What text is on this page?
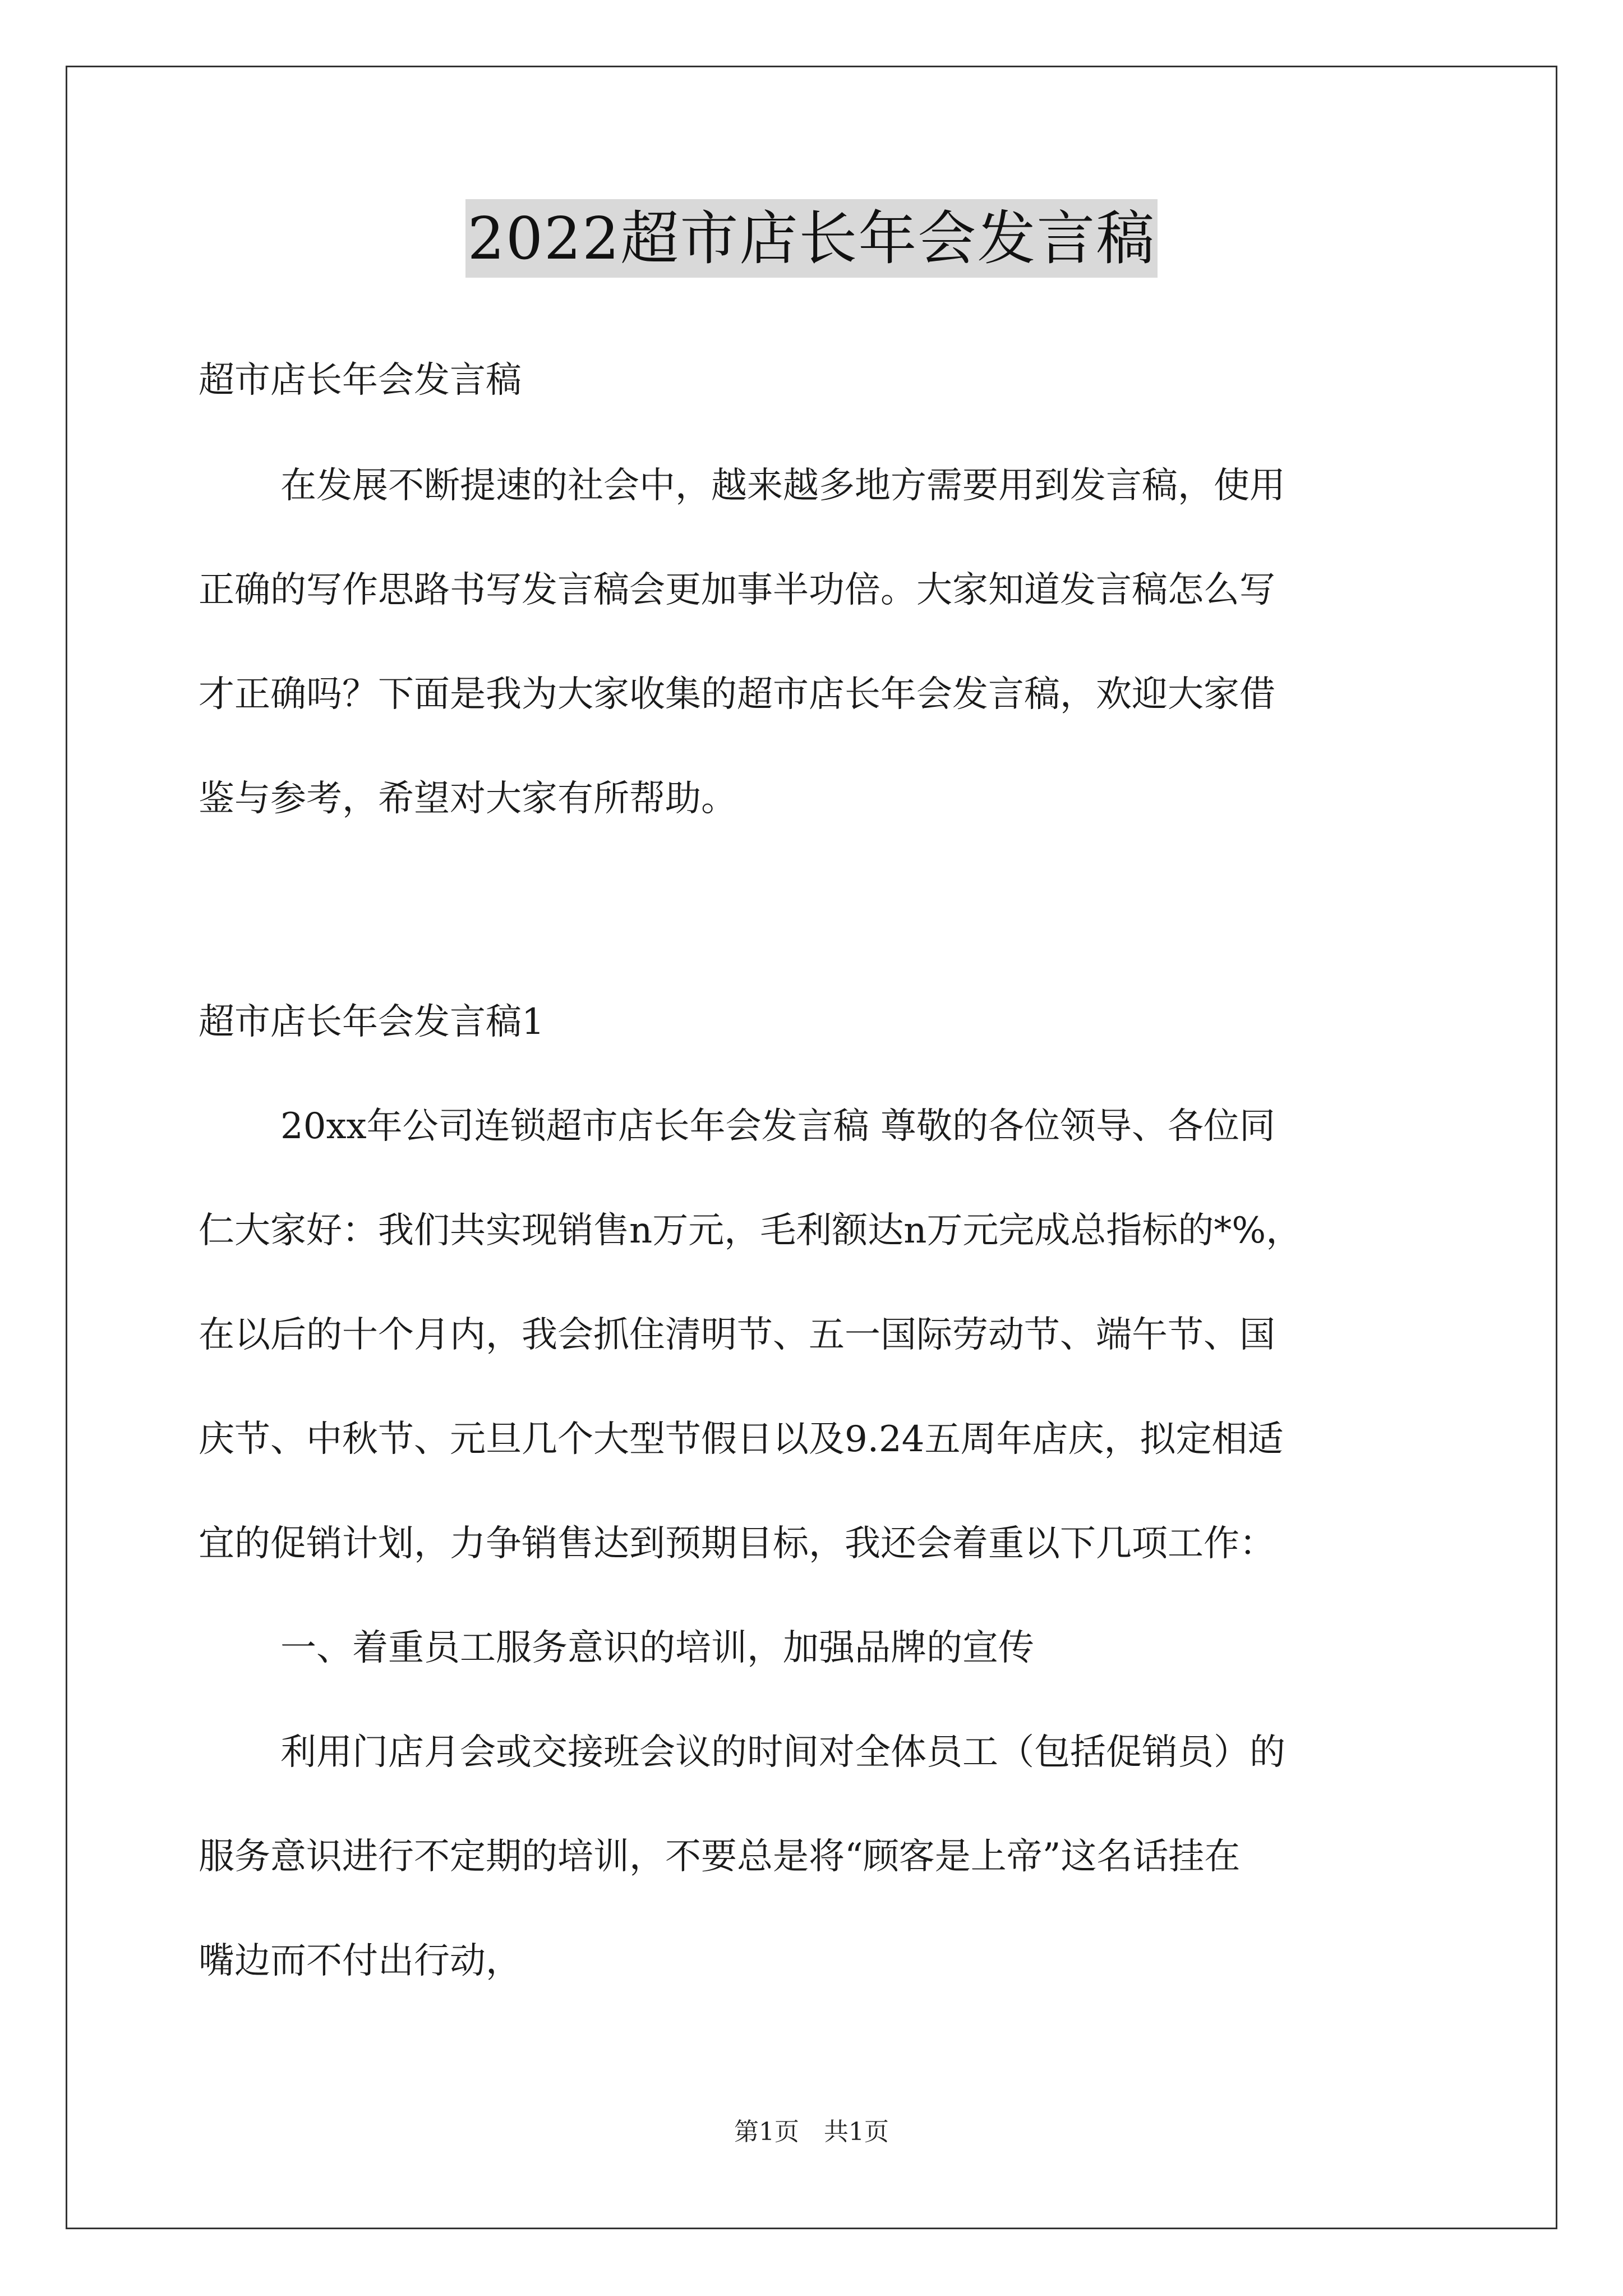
2022超市店长年会发言稿
超市店长年会发言稿
在发展不断提速的社会中，越来越多地方需要用到发言稿，使用
正确的写作思路书写发言稿会更加事半功倍。大家知道发言稿怎么写
才正确吗？下面是我为大家收集的超市店长年会发言稿，欢迎大家借
鉴与参考，希望对大家有所帮助。
超市店长年会发言稿1
20xx年公司连锁超市店长年会发言稿 尊敬的各位领导、各位同
仁大家好：我们共实现销售n万元，毛利额达n万元完成总指标的*%，
在以后的十个月内，我会抓住清明节、五一国际劳动节、端午节、国
庆节、中秋节、元旦几个大型节假日以及9.24五周年店庆，拟定相适
宜的促销计划，力争销售达到预期目标，我还会着重以下几项工作：
一、着重员工服务意识的培训，加强品牌的宣传
利用门店月会或交接班会议的时间对全体员工（包括促销员）的
服务意识进行不定期的培训，不要总是将“顾客是上帝”这名话挂在
嘴边而不付出行动，
第1页　共1页
